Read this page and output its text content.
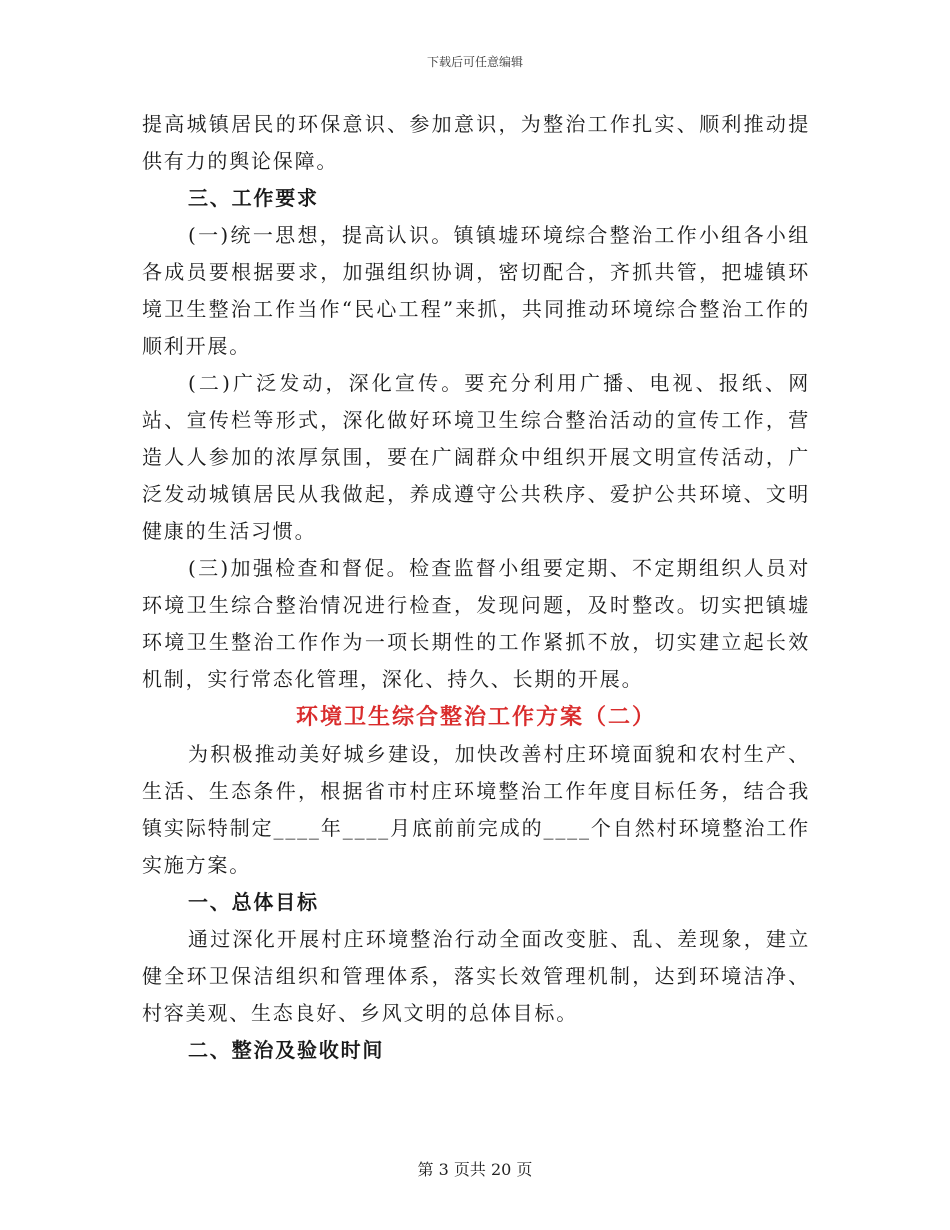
下载后可任意编辑

提高城镇居民的环保意识、参加意识，为整治工作扎实、顺利推动提供有力的舆论保障。

三、工作要求

(一)统一思想，提高认识。镇镇墟环境综合整治工作小组各小组各成员要根据要求，加强组织协调，密切配合，齐抓共管，把墟镇环境卫生整治工作当作“民心工程”来抓，共同推动环境综合整治工作的顺利开展。

(二)广泛发动，深化宣传。要充分利用广播、电视、报纸、网站、宣传栏等形式，深化做好环境卫生综合整治活动的宣传工作，营造人人参加的浓厚氛围，要在广阔群众中组织开展文明宣传活动，广泛发动城镇居民从我做起，养成遵守公共秩序、爱护公共环境、文明健康的生活习惯。

(三)加强检查和督促。检查监督小组要定期、不定期组织人员对环境卫生综合整治情况进行检查，发现问题，及时整改。切实把镇墟环境卫生整治工作作为一项长期性的工作紧抓不放，切实建立起长效机制，实行常态化管理，深化、持久、长期的开展。

环境卫生综合整治工作方案（二）

为积极推动美好城乡建设，加快改善村庄环境面貌和农村生产、生活、生态条件，根据省市村庄环境整治工作年度目标任务，结合我镇实际特制定____年____月底前前完成的____个自然村环境整治工作实施方案。

一、总体目标

通过深化开展村庄环境整治行动全面改变脏、乱、差现象，建立健全环卫保洁组织和管理体系，落实长效管理机制，达到环境洁净、村容美观、生态良好、乡风文明的总体目标。

二、整治及验收时间

第 3 页共 20 页
